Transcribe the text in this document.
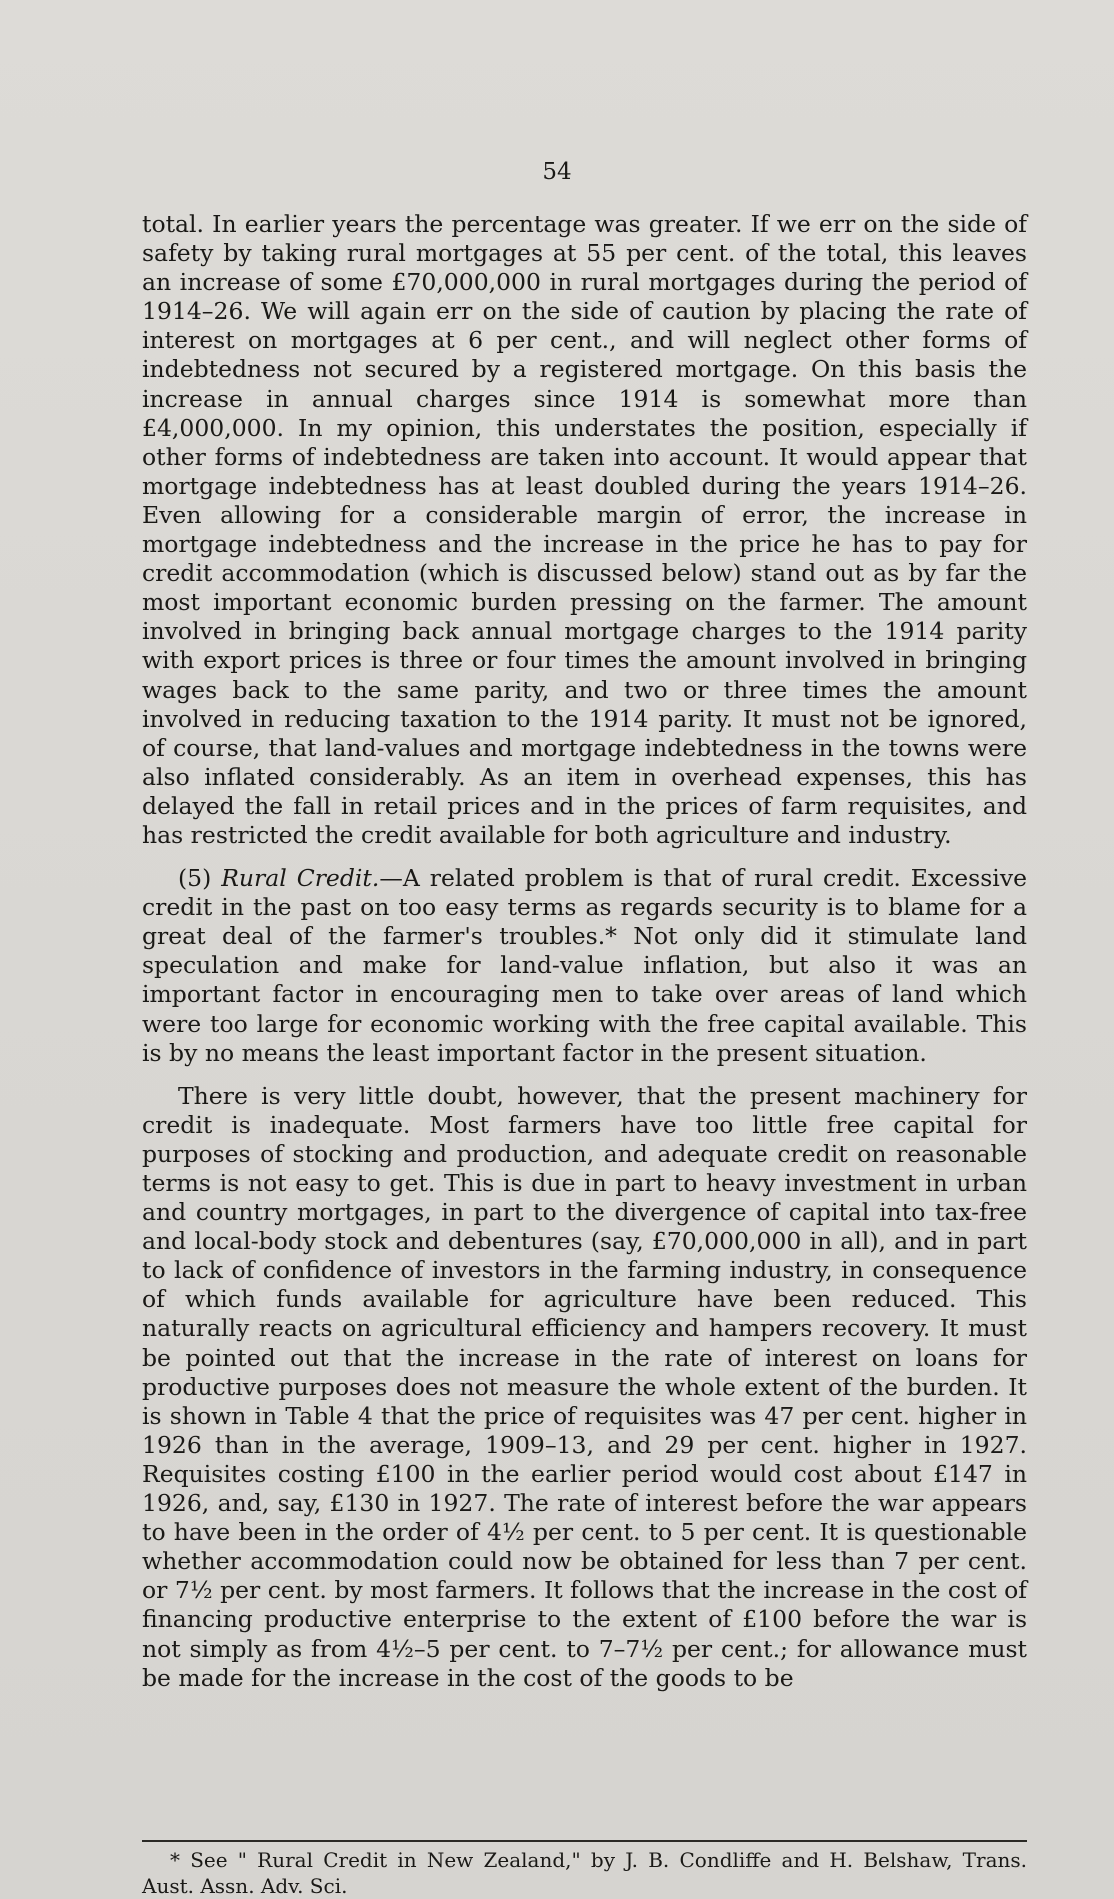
54

total. In earlier years the percentage was greater. If we err on the side of safety by taking rural mortgages at 55 per cent. of the total, this leaves an increase of some £70,000,000 in rural mortgages during the period of 1914–26. We will again err on the side of caution by placing the rate of interest on mortgages at 6 per cent., and will neglect other forms of indebtedness not secured by a registered mortgage. On this basis the increase in annual charges since 1914 is somewhat more than £4,000,000. In my opinion, this understates the position, especially if other forms of indebtedness are taken into account. It would appear that mortgage indebtedness has at least doubled during the years 1914–26. Even allowing for a considerable margin of error, the increase in mortgage indebtedness and the increase in the price he has to pay for credit accommodation (which is discussed below) stand out as by far the most important economic burden pressing on the farmer. The amount involved in bringing back annual mortgage charges to the 1914 parity with export prices is three or four times the amount involved in bringing wages back to the same parity, and two or three times the amount involved in reducing taxation to the 1914 parity. It must not be ignored, of course, that land-values and mortgage indebtedness in the towns were also inflated considerably. As an item in overhead expenses, this has delayed the fall in retail prices and in the prices of farm requisites, and has restricted the credit available for both agriculture and industry.

(5) Rural Credit.—A related problem is that of rural credit. Excessive credit in the past on too easy terms as regards security is to blame for a great deal of the farmer's troubles.* Not only did it stimulate land speculation and make for land-value inflation, but also it was an important factor in encouraging men to take over areas of land which were too large for economic working with the free capital available. This is by no means the least important factor in the present situation.

There is very little doubt, however, that the present machinery for credit is inadequate. Most farmers have too little free capital for purposes of stocking and production, and adequate credit on reasonable terms is not easy to get. This is due in part to heavy investment in urban and country mortgages, in part to the divergence of capital into tax-free and local-body stock and debentures (say, £70,000,000 in all), and in part to lack of confidence of investors in the farming industry, in consequence of which funds available for agriculture have been reduced. This naturally reacts on agricultural efficiency and hampers recovery. It must be pointed out that the increase in the rate of interest on loans for productive purposes does not measure the whole extent of the burden. It is shown in Table 4 that the price of requisites was 47 per cent. higher in 1926 than in the average, 1909–13, and 29 per cent. higher in 1927. Requisites costing £100 in the earlier period would cost about £147 in 1926, and, say, £130 in 1927. The rate of interest before the war appears to have been in the order of 4½ per cent. to 5 per cent. It is questionable whether accommodation could now be obtained for less than 7 per cent. or 7½ per cent. by most farmers. It follows that the increase in the cost of financing productive enterprise to the extent of £100 before the war is not simply as from 4½–5 per cent. to 7–7½ per cent.; for allowance must be made for the increase in the cost of the goods to be

* See " Rural Credit in New Zealand," by J. B. Condliffe and H. Belshaw, Trans. Aust. Assn. Adv. Sci.
